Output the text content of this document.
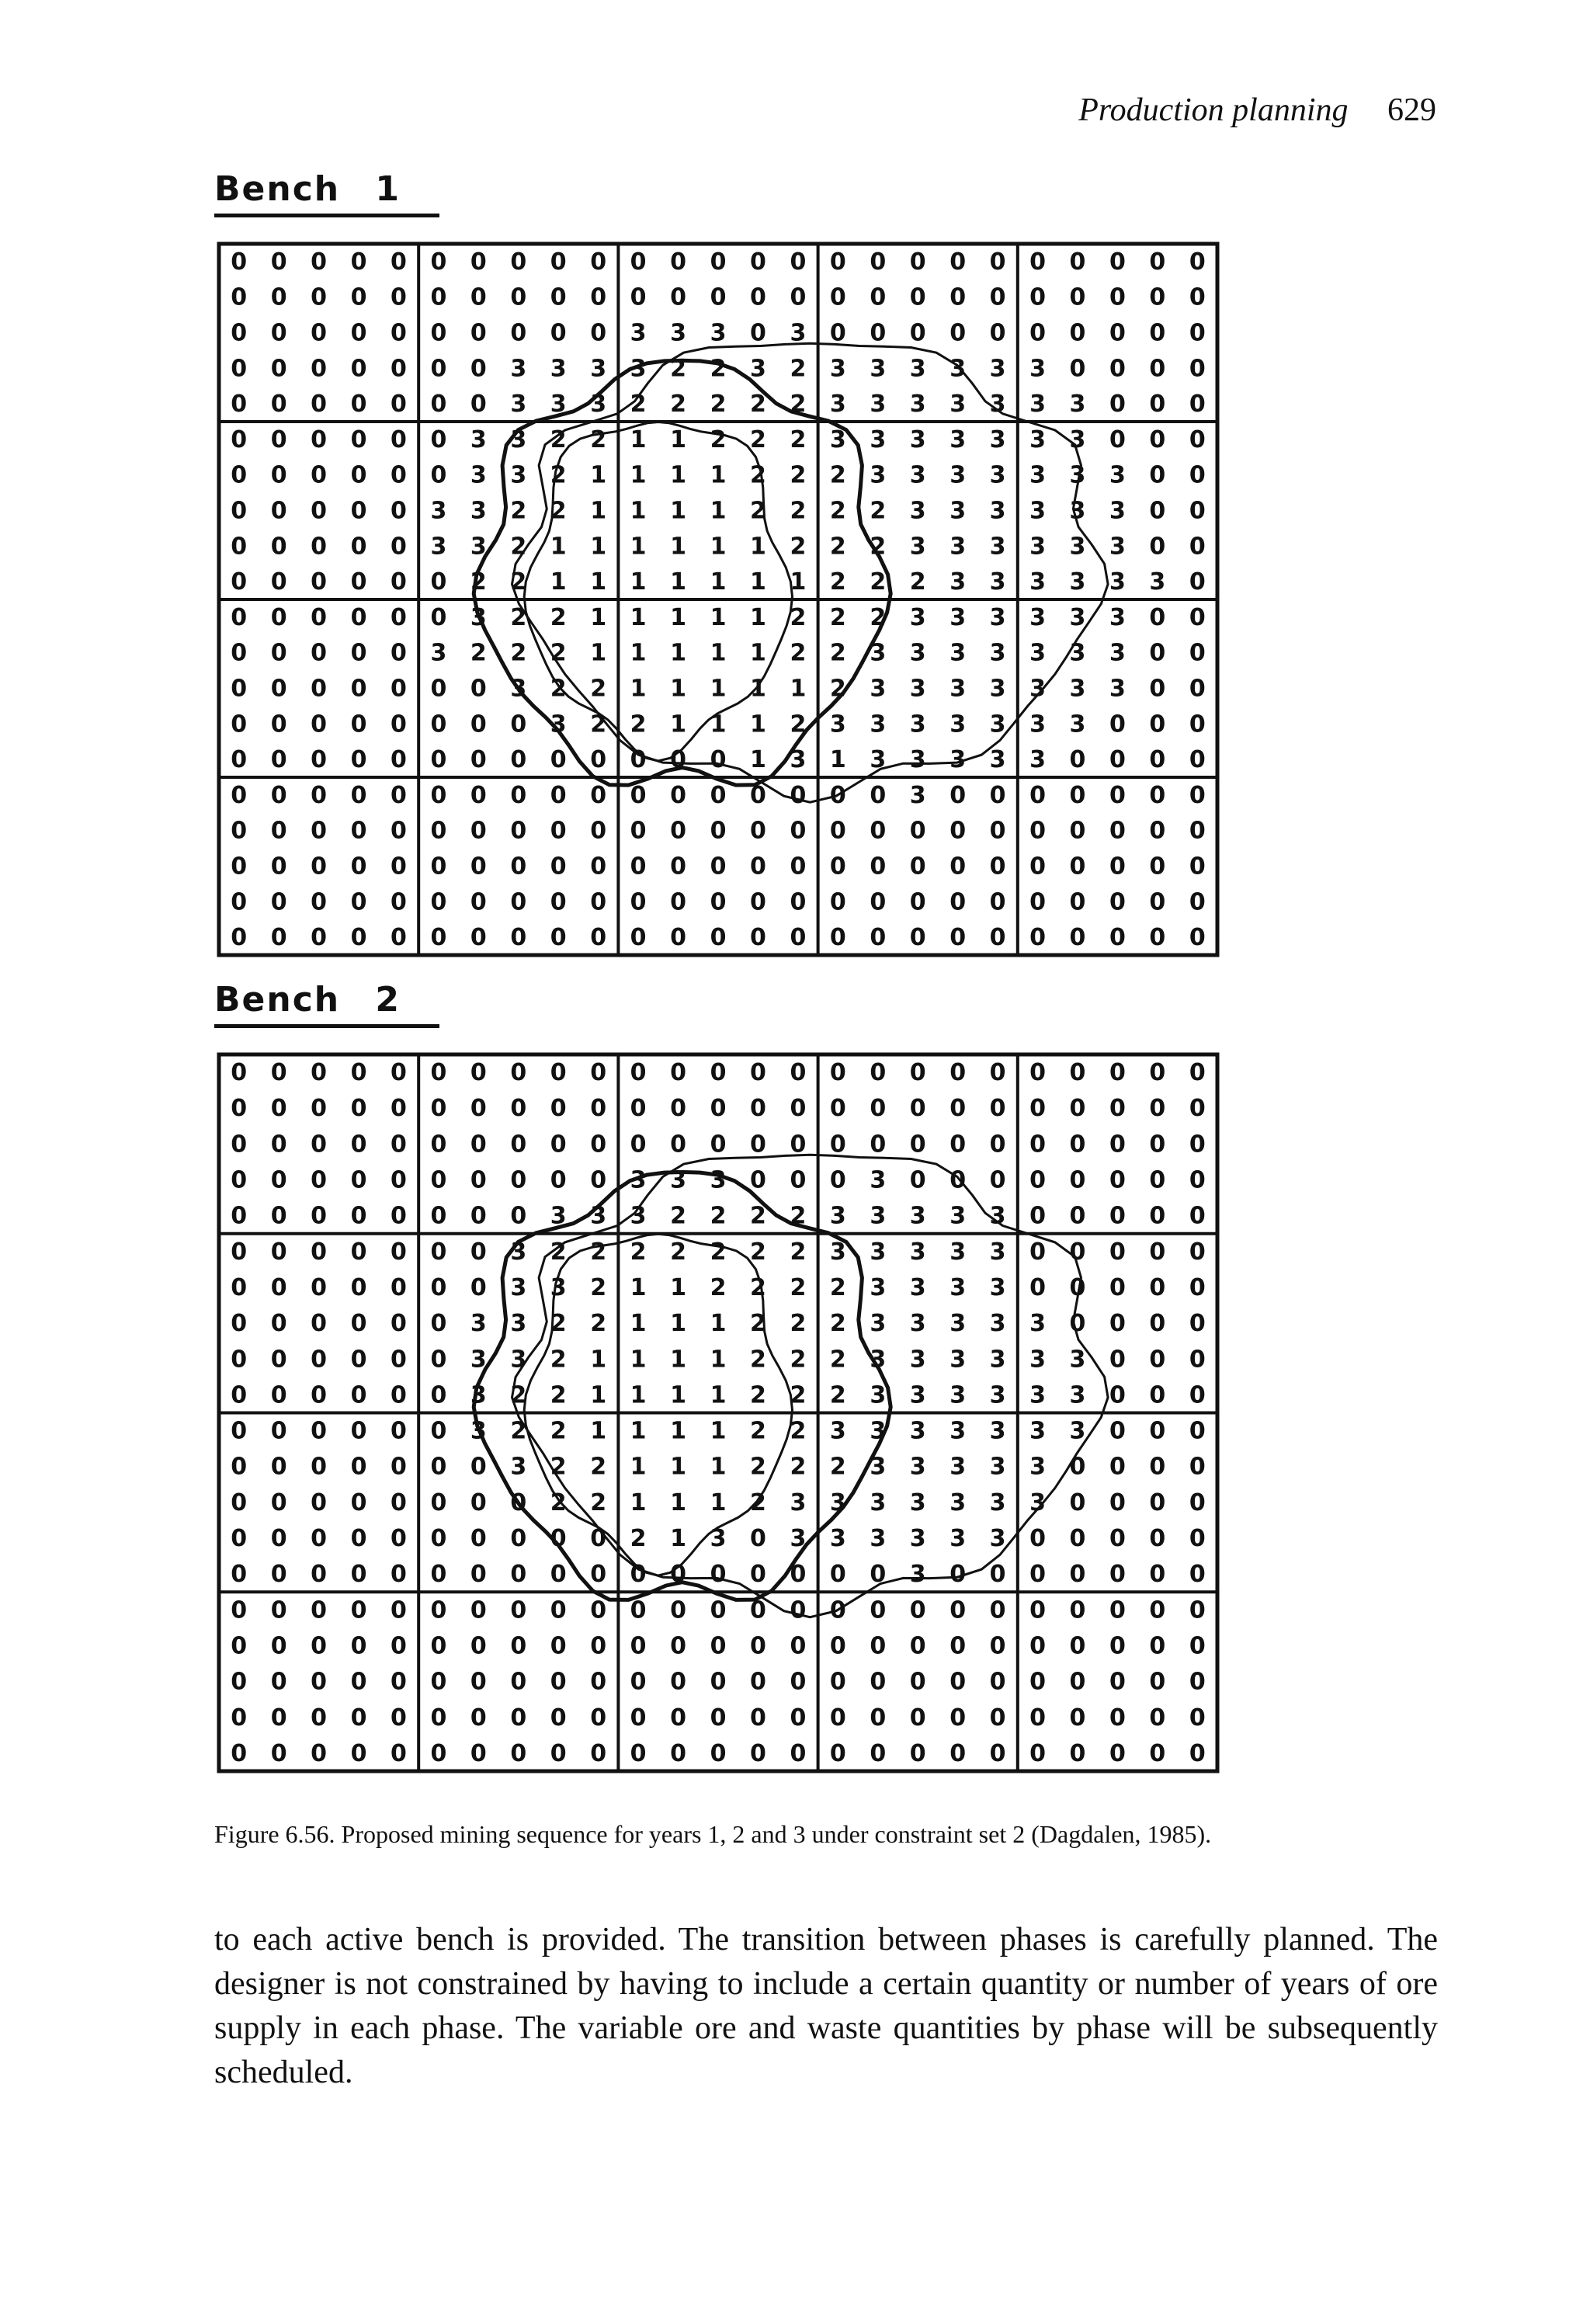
Production planning 629
Bench 1
0 0 0 0 0 0 0 0 0 0 0 0 0 0 0 0 0 0 0 0 0 0 0 0 0
0 0 0 0 0 0 0 0 0 0 0 0 0 0 0 0 0 0 0 0 0 0 0 0 0
0 0 0 0 0 0 0 0 0 0 3 3 3 0 3 0 0 0 0 0 0 0 0 0 0
0 0 0 0 0 0 0 3 3 3 3 2 2 3 2 3 3 3 3 3 3 0 0 0 0
0 0 0 0 0 0 0 3 3 3 2 2 2 2 2 3 3 3 3 3 3 3 0 0 0
0 0 0 0 0 0 3 3 2 2 1 1 2 2 2 3 3 3 3 3 3 3 0 0 0
0 0 0 0 0 0 3 3 2 1 1 1 1 2 2 2 3 3 3 3 3 3 3 0 0
0 0 0 0 0 3 3 2 2 1 1 1 1 2 2 2 2 3 3 3 3 3 3 0 0
0 0 0 0 0 3 3 2 1 1 1 1 1 1 2 2 2 3 3 3 3 3 3 0 0
0 0 0 0 0 0 2 2 1 1 1 1 1 1 1 2 2 2 3 3 3 3 3 3 0
0 0 0 0 0 0 3 2 2 1 1 1 1 1 2 2 2 3 3 3 3 3 3 0 0
0 0 0 0 0 3 2 2 2 1 1 1 1 1 2 2 3 3 3 3 3 3 3 0 0
0 0 0 0 0 0 0 3 2 2 1 1 1 1 1 2 3 3 3 3 3 3 3 0 0
0 0 0 0 0 0 0 0 3 2 2 1 1 1 2 3 3 3 3 3 3 3 0 0 0
0 0 0 0 0 0 0 0 0 0 0 0 0 1 3 1 3 3 3 3 3 0 0 0 0
0 0 0 0 0 0 0 0 0 0 0 0 0 0 0 0 0 3 0 0 0 0 0 0 0
0 0 0 0 0 0 0 0 0 0 0 0 0 0 0 0 0 0 0 0 0 0 0 0 0
0 0 0 0 0 0 0 0 0 0 0 0 0 0 0 0 0 0 0 0 0 0 0 0 0
0 0 0 0 0 0 0 0 0 0 0 0 0 0 0 0 0 0 0 0 0 0 0 0 0
0 0 0 0 0 0 0 0 0 0 0 0 0 0 0 0 0 0 0 0 0 0 0 0 0
Bench 2
0 0 0 0 0 0 0 0 0 0 0 0 0 0 0 0 0 0 0 0 0 0 0 0 0
0 0 0 0 0 0 0 0 0 0 0 0 0 0 0 0 0 0 0 0 0 0 0 0 0
0 0 0 0 0 0 0 0 0 0 0 0 0 0 0 0 0 0 0 0 0 0 0 0 0
0 0 0 0 0 0 0 0 0 0 3 3 3 0 0 0 3 0 0 0 0 0 0 0 0
0 0 0 0 0 0 0 0 3 3 3 2 2 2 2 3 3 3 3 3 0 0 0 0 0
0 0 0 0 0 0 0 3 2 2 2 2 2 2 2 3 3 3 3 3 0 0 0 0 0
0 0 0 0 0 0 0 3 3 2 1 1 2 2 2 2 3 3 3 3 0 0 0 0 0
0 0 0 0 0 0 3 3 2 2 1 1 1 2 2 2 3 3 3 3 3 0 0 0 0
0 0 0 0 0 0 3 3 2 1 1 1 1 2 2 2 3 3 3 3 3 3 0 0 0
0 0 0 0 0 0 3 2 2 1 1 1 1 2 2 2 3 3 3 3 3 3 0 0 0
0 0 0 0 0 0 3 2 2 1 1 1 1 2 2 3 3 3 3 3 3 3 0 0 0
0 0 0 0 0 0 0 3 2 2 1 1 1 2 2 2 3 3 3 3 3 0 0 0 0
0 0 0 0 0 0 0 0 2 2 1 1 1 2 3 3 3 3 3 3 3 0 0 0 0
0 0 0 0 0 0 0 0 0 0 2 1 3 0 3 3 3 3 3 3 0 0 0 0 0
0 0 0 0 0 0 0 0 0 0 0 0 0 0 0 0 0 3 0 0 0 0 0 0 0
0 0 0 0 0 0 0 0 0 0 0 0 0 0 0 0 0 0 0 0 0 0 0 0 0
0 0 0 0 0 0 0 0 0 0 0 0 0 0 0 0 0 0 0 0 0 0 0 0 0
0 0 0 0 0 0 0 0 0 0 0 0 0 0 0 0 0 0 0 0 0 0 0 0 0
0 0 0 0 0 0 0 0 0 0 0 0 0 0 0 0 0 0 0 0 0 0 0 0 0
0 0 0 0 0 0 0 0 0 0 0 0 0 0 0 0 0 0 0 0 0 0 0 0 0
Figure 6.56. Proposed mining sequence for years 1, 2 and 3 under constraint set 2 (Dagdalen, 1985).

to each active bench is provided. The transition between phases is carefully planned. The designer is not constrained by having to include a certain quantity or number of years of ore supply in each phase. The variable ore and waste quantities by phase will be subsequently scheduled.
